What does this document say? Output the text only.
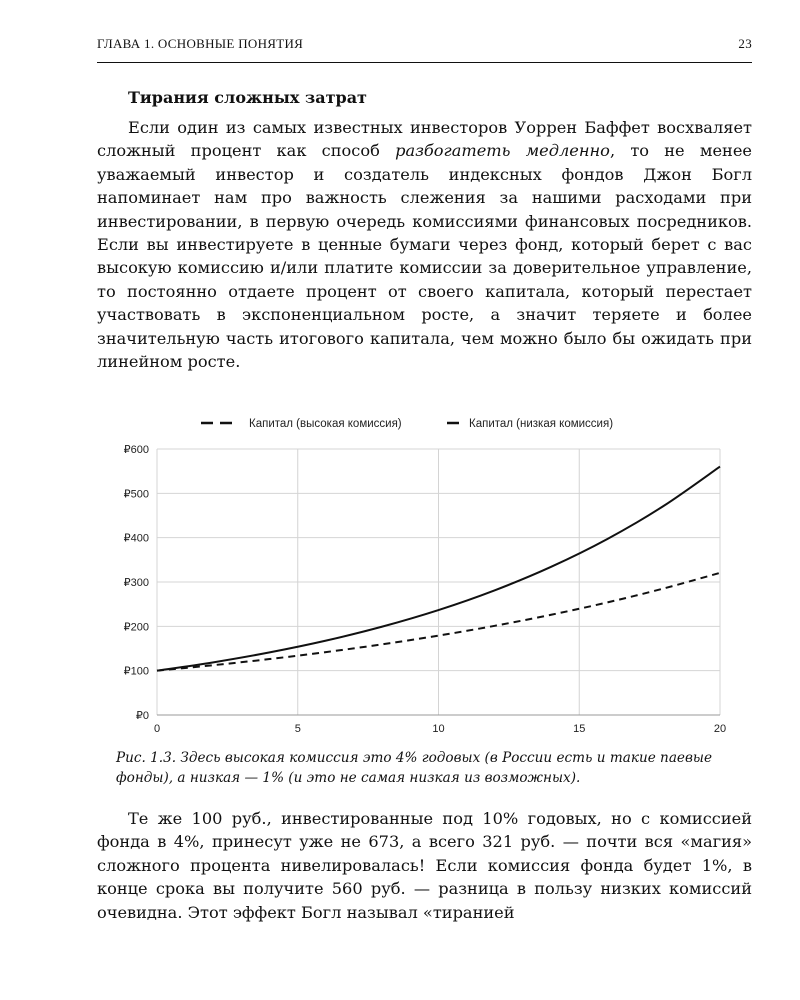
ГЛАВА 1. ОСНОВНЫЕ ПОНЯТИЯ	23
Тирания сложных затрат

Если один из самых известных инвесторов Уоррен Баффет восхваляет сложный процент как способ разбогатеть медленно, то не менее уважаемый инвестор и создатель индексных фондов Джон Богл напоминает нам про важность слежения за нашими расходами при инвестировании, в первую очередь комиссиями финансовых посредников. Если вы инвестируете в ценные бумаги через фонд, который берет с вас высокую комиссию и/или платите комиссии за доверительное управление, то постоянно отдаете процент от своего капитала, который перестает участвовать в экспоненциальном росте, а значит теряете и более значительную часть итогового капитала, чем можно было бы ожидать при линейном росте.

Капитал (высокая комиссия)	Капитал (низкая комиссия)
₽0
₽100
₽200
₽300
₽400
₽500
₽600
0	5	10	15	20

Рис. 1.3. Здесь высокая комиссия это 4% годовых (в России есть и такие паевые фонды), а низкая — 1% (и это не самая низкая из возможных).

Те же 100 руб., инвестированные под 10% годовых, но с комиссией фонда в 4%, принесут уже не 673, а всего 321 руб. — почти вся «магия» сложного процента нивелировалась! Если комиссия фонда будет 1%, в конце срока вы получите 560 руб. — разница в пользу низких комиссий очевидна. Этот эффект Богл называл «тиранией
